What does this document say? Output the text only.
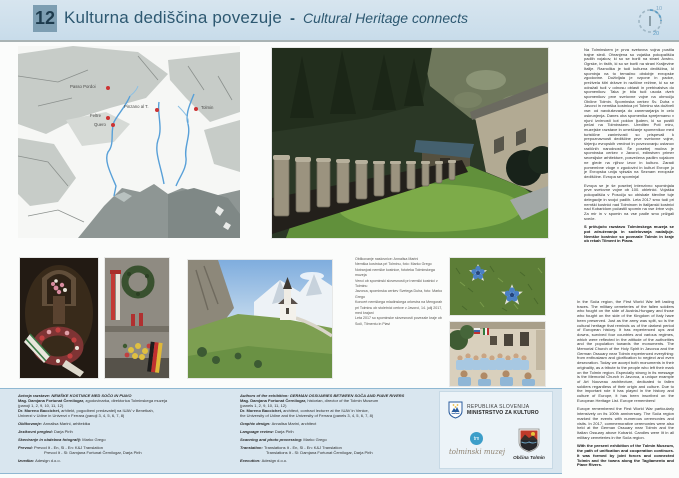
12 Kulturna dediščina povezuje - Cultural Heritage connects
10
20
Passo Pordoi
Pinzano al T.	Tolmin
Feltre
Quero

Na Tolminskem je prva svetovna vojna pustila trajne sledi. Ohranjena so vojaška pokopališča padlih vojakov, ki so se borili na strani Avstro-Ogrske, in tistih, ki so se borili na strani Kraljevine Italije. Raznolika je tudi kulturna dediščina, ki spominja na to temačno obdobje evropske zgodovine. Doživljala je vzpone in padce, preživela štiri države in različne režime, ki so se odražali tudi v odnosu oblasti in prebivalstva do spomenikov. Taka je bila tudi usoda dveh spomenikov prve svetovne vojne na območju Občine Tolmin. Spominska cerkev Sv. Duha v Javorci in nemška kostnica pri Tolminu sta doživeli vse: od navduševanja do zanemarjanja in celo oskrunjenja. Danes oba spomenika sprejemamo v njuni izvirnosti kot poklon ljudem, ki so pustili pečat na Tolminskem. Ureditev Poti miru, muzejske razstave in umeščanje spomenikov med turistične zanimivosti so prispevali k prepoznavnosti dediščine prve svetovne vojne, širjenju evropskih vrednot in povezovanju ustanov različnih narodnosti. Še posebej močna je spominska cerkev v Javorci, edinstven primer secesijske arhitekture, posvečena padlim vojakom ne glede na njihov izvor in kulturo. Zaradi pomembne vloge v zgodovini in kulturi Evrope jo je Evropska unija vpisala na Seznam evropske dediščine. Evropa se spominja!

Evropa se je še posebej intenzivno spominjala prve svetovne vojne ob 100. obletnici. Vojaška pokopališča v Posočju so obiskale številne tuje delegacije in svojci padlih. Leta 2017 smo tudi pri nemški kostnici nad Tolminom in italijanski kostnici nad Kobaridom počastili spomin na vse žrtve vojn. Za mir in v spomin na vse padle smo prižgali sveče.

S pričujočo razstavo Tolminskega muzeja se pot združevanja in sodelovanja nadaljuje. Nemške kostnice so povezale Tolmin in kraje ob rekah Tilment in Piava.

Oblikovanje naslovnice: Annalisa Marini
Nemška kostnica pri Tolminu, foto: Marko Grego
Notranjost nemške kostnice, fototeka Tolminskega muzeja
Venci ob spominski slovesnosti pri nemški kostnici v Tolminu
Javorca, spominska cerkev Svetega Duha, foto: Marko Grego
Koncert nemškega mladinskega orkestra na Mengorah pri Tolminu ob stoletnici cerkve v Javorci, 14. julij 2017, med krajani
Leta 2017 so spominske slovesnosti povezale kraje ob Soči, Tilmentu in Piavi

In the Soča region, the First World War left lasting traces. The military cemeteries of the fallen soldiers who fought on the side of Austria-Hungary and those who fought on the side of the Kingdom of Italy have been preserved. Just as the army was split, so is the cultural heritage that reminds us of the darkest period of European history. It has experienced ups and downs, survived four countries and various regimes, which were reflected in the attitude of the authorities and the population towards the monuments. The Memorial Church of the Holy Spirit in Javorca and the German Ossuary near Tolmin experienced everything: from enthusiasm and glorification to neglect and even desecration. Today we accept both monuments in their originality, as a tribute to the people who left their mark on the Tolmin region. Especially strong in its message is the Memorial Church in Javorca, a unique example of Art Nouveau architecture, dedicated to fallen soldiers regardless of their origin and culture. Due to the important role it has played in the history and culture of Europe, it has been inscribed on the European Heritage List. Europe remembers!

Europe remembered the First World War particularly intensively on its 100th anniversary. The Soča region marked the events with numerous ceremonies and visits. In 2017, commemorative ceremonies were also held at the German Ossuary near Tolmin and the Italian Ossuary above Kobarid. Candles were lit in all military cemeteries in the Soča region.

With the present exhibition of the Tolmin Museum, the path of unification and cooperation continues. It was formed by joint forces and connected Tolmin and the towns along the Tagliamento and Piave Rivers.

Avtorja razstave: NEMŠKE KOSTNICE MED SOČO IN PIAVO
Mag. Damjana Fortunat Černilogar, zgodovinarka, direktorica Tolminskega muzeja
(panoji 1, 2, 9, 10, 11, 12)
Dr. Moreno Baccichet, arhitekt, pogodbeni predavatelj na IUAV v Benetkah,
Univerzi v Udine in Univerzi v Ferrara (panoji 3, 4, 5, 6, 7, 8)
Oblikovanje: Annalisa Marini, arhitektka
Jezikovni pregled: Darja Pirih
Skeniranje in obdelava fotografij: Marko Grego
Prevod: Prevod It - En, Sl - En: K&J Translation
Prevod It - Sl: Damjana Fortunat Černilogar, Darja Pirih
Izvedba: Adesign d.o.o.
Authors of the exhibition: GERMAN OSSUARIES BETWEEN SOČA AND PIAVE RIVERS
Mag. Damjana Fortunat Černilogar, historian, director of the Tolmin Museum
(panels 1, 2, 9, 10, 11, 12)
Dr. Moreno Baccichet, architect, contract lecturer at the IUAV in Venice,
the University of Udine and the University of Ferrara (panels 3, 4, 5, 6, 7, 8)
Graphic design: Annalisa Marini, architect
Language review: Darja Pirih
Scanning and photo processing: Marko Grego
Translation: Translations It - En, Sl - En: K&J Translation
Translations It - Sl: Damjana Fortunat Černilogar, Darja Pirih
Execution: Adesign d.o.o.
REPUBLIKA SLOVENIJA
MINISTRSTVO ZA KULTURO
tm
tolminski muzej
Občina Tolmin
